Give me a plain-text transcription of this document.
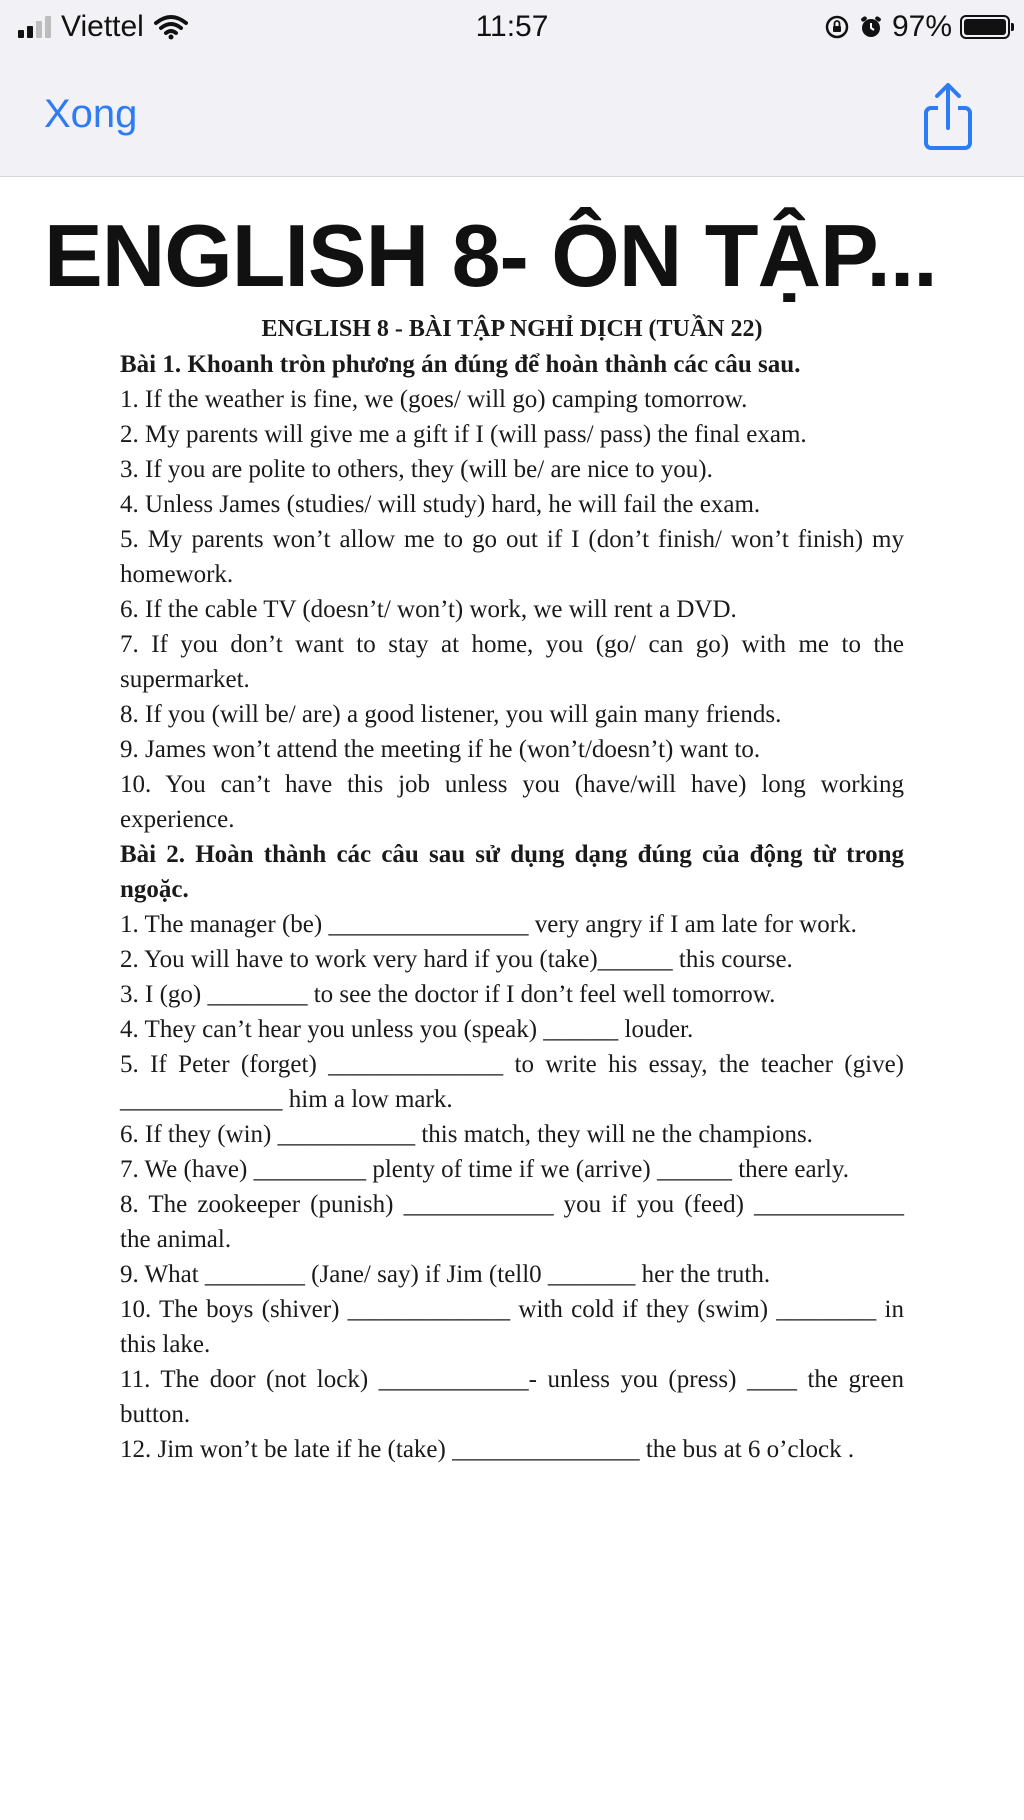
Viettel	11:57	97%
Xong
ENGLISH 8- ÔN TẬP...
ENGLISH 8 - BÀI TẬP NGHỈ DỊCH (TUẦN 22)
Bài 1. Khoanh tròn phương án đúng để hoàn thành các câu sau.
1. If the weather is fine, we (goes/ will go) camping tomorrow.
2. My parents will give me a gift if I (will pass/ pass) the final exam.
3. If you are polite to others, they (will be/ are nice to you).
4. Unless James (studies/ will study) hard, he will fail the exam.
5. My parents won’t allow me to go out if I (don’t finish/ won’t finish) my homework.
6. If the cable TV (doesn’t/ won’t) work, we will rent a DVD.
7. If you don’t want to stay at home, you (go/ can go) with me to the supermarket.
8. If you (will be/ are) a good listener, you will gain many friends.
9. James won’t attend the meeting if he (won’t/doesn’t) want to.
10. You can’t have this job unless you (have/will have) long working experience.
Bài 2. Hoàn thành các câu sau sử dụng dạng đúng của động từ trong ngoặc.
1. The manager (be) ________________ very angry if I am late for work.
2. You will have to work very hard if you (take)______ this course.
3. I (go) ________ to see the doctor if I don’t feel well tomorrow.
4. They can’t hear you unless you (speak) ______ louder.
5. If Peter (forget) ______________ to write his essay, the teacher (give) _____________ him a low mark.
6. If they (win) ___________ this match, they will ne the champions.
7. We (have) _________ plenty of time if we (arrive) ______ there early.
8. The zookeeper (punish) ____________ you if you (feed) ____________ the animal.
9. What ________ (Jane/ say) if Jim (tell0 _______ her the truth.
10. The boys (shiver) _____________ with cold if they (swim) ________ in this lake.
11. The door (not lock) ____________- unless you (press) ____ the green button.
12. Jim won’t be late if he (take) _______________ the bus at 6 o’clock .
